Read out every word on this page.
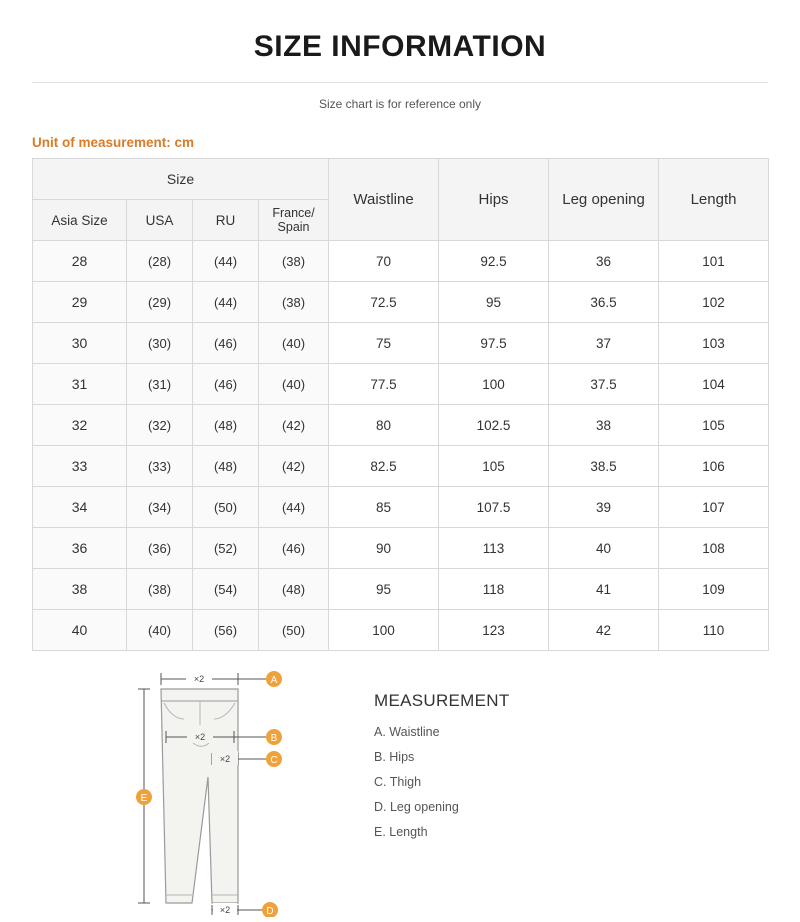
SIZE INFORMATION
Size chart is for reference only
Unit of measurement: cm
Size				Waistline	Hips	Leg opening	Length
Asia Size	USA	RU	France/ Spain				
28	(28)	(44)	(38)	70	92.5	36	101
29	(29)	(44)	(38)	72.5	95	36.5	102
30	(30)	(46)	(40)	75	97.5	37	103
31	(31)	(46)	(40)	77.5	100	37.5	104
32	(32)	(48)	(42)	80	102.5	38	105
33	(33)	(48)	(42)	82.5	105	38.5	106
34	(34)	(50)	(44)	85	107.5	39	107
36	(36)	(52)	(46)	90	113	40	108
38	(38)	(54)	(48)	95	118	41	109
40	(40)	(56)	(50)	100	123	42	110
×2	A
×2	B
×2	C
E
×2	D
MEASUREMENT
A. Waistline
B. Hips
C. Thigh
D. Leg opening
E. Length
